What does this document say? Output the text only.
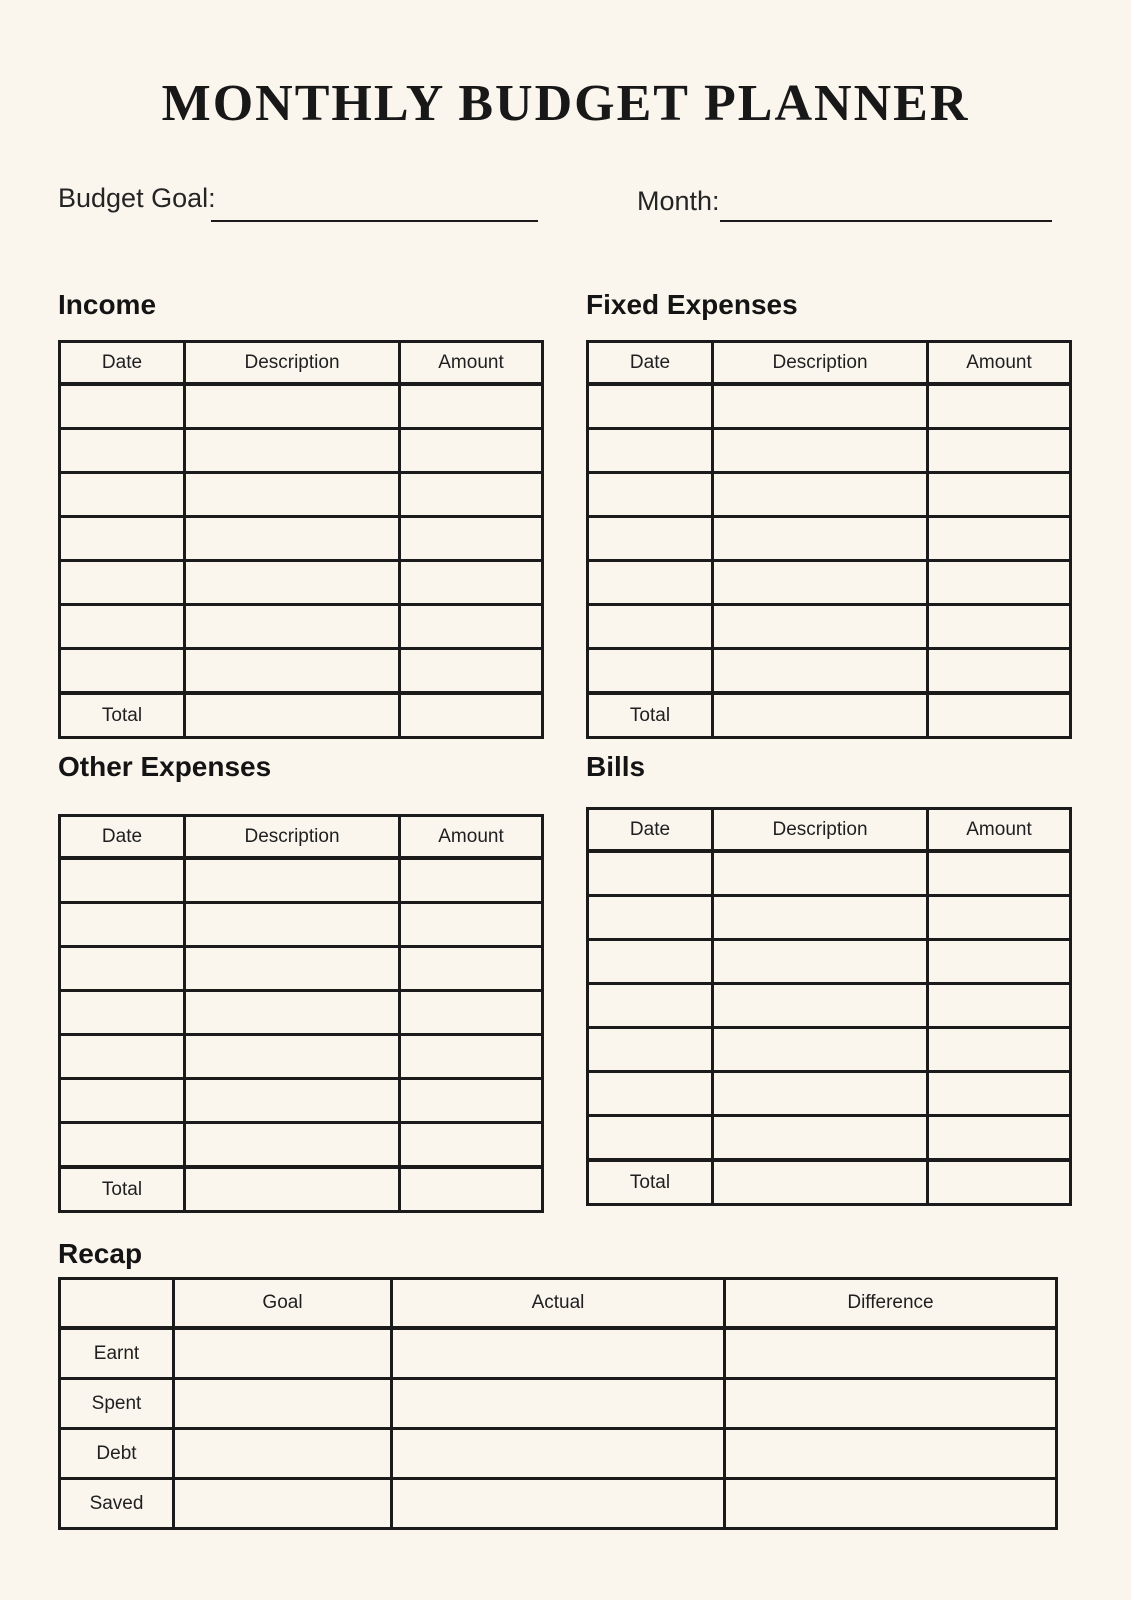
MONTHLY BUDGET PLANNER
Budget Goal:	Month:
Income
Date	Description	Amount

Total		
Fixed Expenses
Date	Description	Amount

Total		
Other Expenses
Date	Description	Amount

Total		
Bills
Date	Description	Amount

Total		
Recap
	Goal	Actual	Difference
Earnt			
Spent			
Debt			
Saved			
